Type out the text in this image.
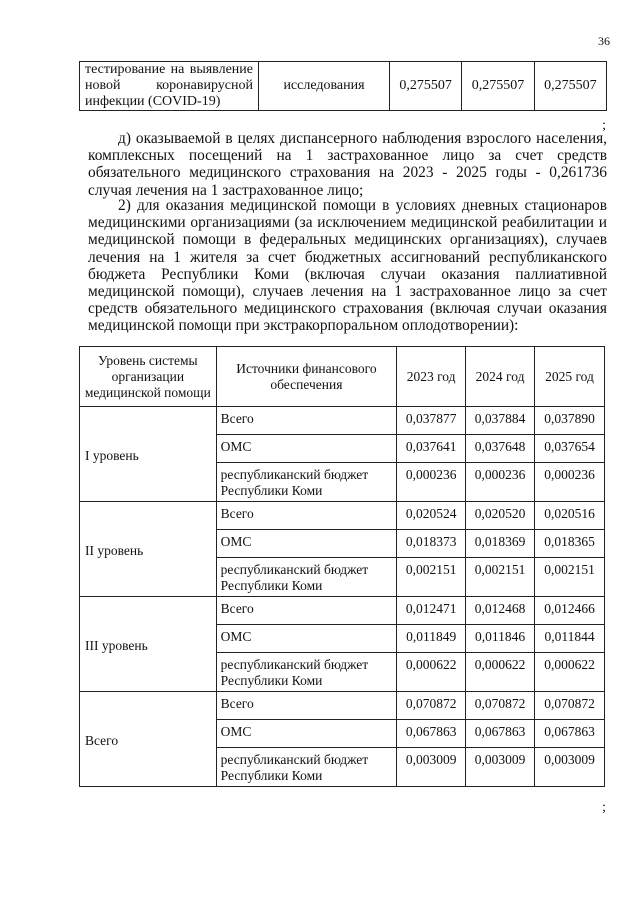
36
тестирование на выявление новой коронавирусной инфекции (COVID-19)	исследования	0,275507	0,275507	0,275507
;

д) оказываемой в целях диспансерного наблюдения взрослого населения, комплексных посещений на 1 застрахованное лицо за счет средств обязательного медицинского страхования на 2023 - 2025 годы - 0,261736 случая лечения на 1 застрахованное лицо;

2) для оказания медицинской помощи в условиях дневных стационаров медицинскими организациями (за исключением медицинской реабилитации и медицинской помощи в федеральных медицинских организациях), случаев лечения на 1 жителя за счет бюджетных ассигнований республиканского бюджета Республики Коми (включая случаи оказания паллиативной медицинской помощи), случаев лечения на 1 застрахованное лицо за счет средств обязательного медицинского страхования (включая случаи оказания медицинской помощи при экстракорпоральном оплодотворении):

Уровень системы организации медицинской помощи	Источники финансового обеспечения	2023 год	2024 год	2025 год
I уровень	Всего	0,037877	0,037884	0,037890
	ОМС	0,037641	0,037648	0,037654
	республиканский бюджет Республики Коми	0,000236	0,000236	0,000236
II уровень	Всего	0,020524	0,020520	0,020516
	ОМС	0,018373	0,018369	0,018365
	республиканский бюджет Республики Коми	0,002151	0,002151	0,002151
III уровень	Всего	0,012471	0,012468	0,012466
	ОМС	0,011849	0,011846	0,011844
	республиканский бюджет Республики Коми	0,000622	0,000622	0,000622
Всего	Всего	0,070872	0,070872	0,070872
	ОМС	0,067863	0,067863	0,067863
	республиканский бюджет Республики Коми	0,003009	0,003009	0,003009
;
